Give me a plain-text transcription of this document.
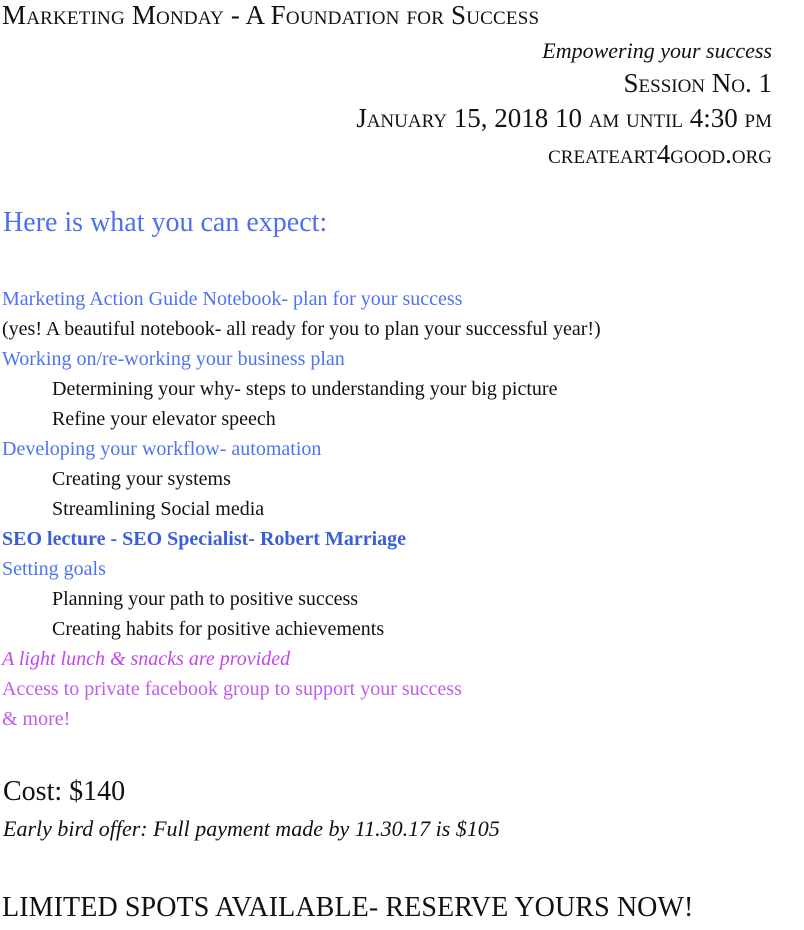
Marketing Monday - A Foundation for Success
Empowering your success
Session No. 1
January 15, 2018 10 am until 4:30 pm
createart4good.org
Here is what you can expect:
Marketing Action Guide Notebook- plan for your success
(yes! A beautiful notebook- all ready for you to plan your successful year!)
Working on/re-working your business plan
Determining your why- steps to understanding your big picture
Refine your elevator speech
Developing your workflow- automation
Creating your systems
Streamlining Social media
SEO lecture - SEO Specialist- Robert Marriage
Setting goals
Planning your path to positive success
Creating habits for positive achievements
A light lunch & snacks are provided
Access to private facebook group to support your success
& more!
Cost: $140
Early bird offer: Full payment made by 11.30.17 is $105
LIMITED SPOTS AVAILABLE- RESERVE YOURS NOW!
